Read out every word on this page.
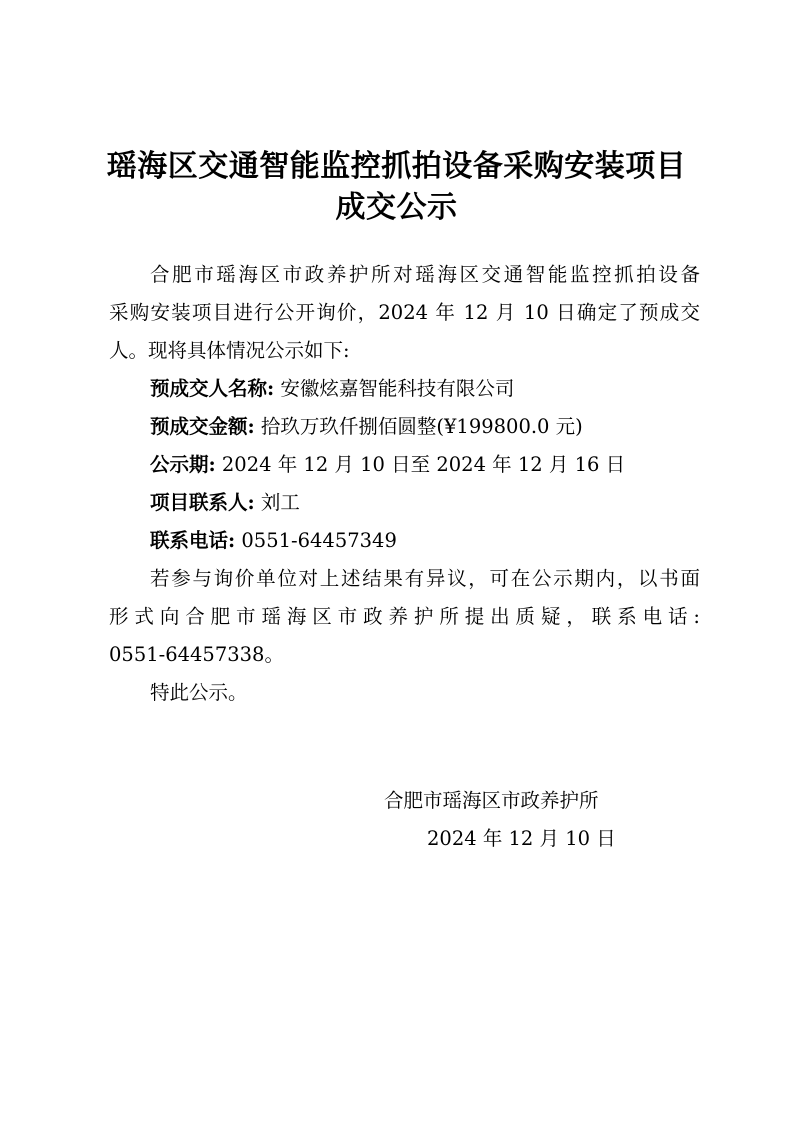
瑶海区交通智能监控抓拍设备采购安装项目
成交公示
合肥市瑶海区市政养护所对瑶海区交通智能监控抓拍设备
采购安装项目进行公开询价，2024 年 12 月 10 日确定了预成交
人。现将具体情况公示如下:
预成交人名称: 安徽炫嘉智能科技有限公司
预成交金额: 拾玖万玖仟捌佰圆整(¥199800.0 元)
公示期: 2024 年 12 月 10 日至 2024 年 12 月 16 日
项目联系人: 刘工
联系电话: 0551-64457349
若参与询价单位对上述结果有异议，可在公示期内，以书面
形式向合肥市瑶海区市政养护所提出质疑，联系电话:
0551-64457338。
特此公示。
合肥市瑶海区市政养护所
2024 年 12 月 10 日
